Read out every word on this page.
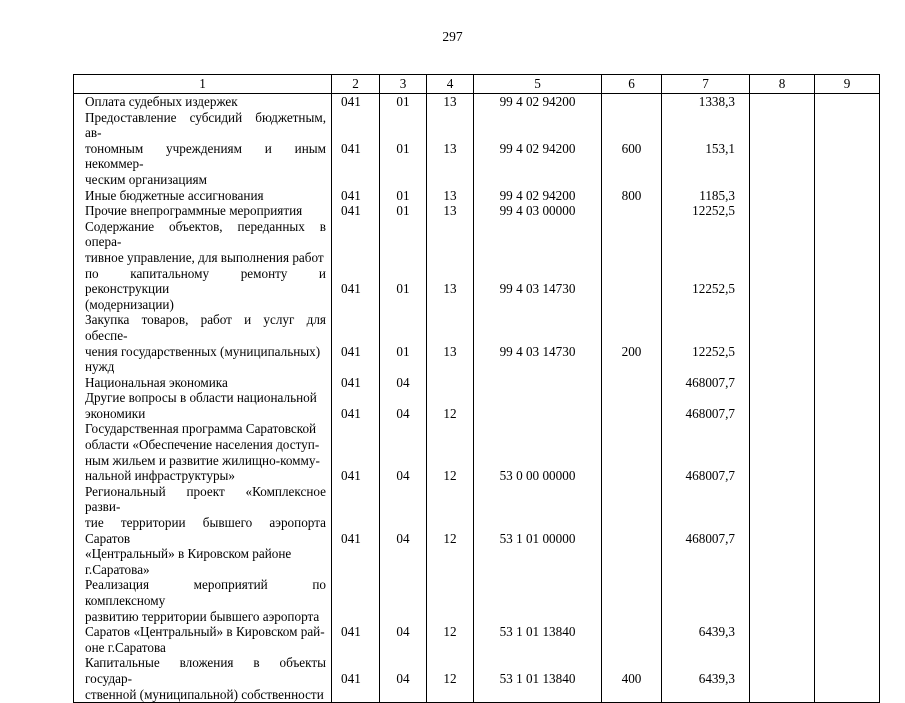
297
1	2	3	4	5	6	7	8	9

Оплата судебных издержек	041	01	13	99 4 02 94200		1338,3		

Предоставление субсидий бюджетным, ав-
тономным учреждениям и иным некоммер-
ческим организациям	041	01	13	99 4 02 94200	600	153,1		

Иные бюджетные ассигнования	041	01	13	99 4 02 94200	800	1185,3		

Прочие внепрограммные мероприятия	041	01	13	99 4 03 00000		12252,5		

Содержание объектов, переданных в опера-
тивное управление, для выполнения работ
по капитальному ремонту и реконструкции
(модернизации)	041	01	13	99 4 03 14730		12252,5		

Закупка товаров, работ и услуг для обеспе-
чения государственных (муниципальных)
нужд	041	01	13	99 4 03 14730	200	12252,5		

Национальная экономика	041	04				468007,7		

Другие вопросы в области национальной
экономики	041	04	12			468007,7		

Государственная программа Саратовской
области «Обеспечение населения доступ-
ным жильем и развитие жилищно-комму-
нальной инфраструктуры»	041	04	12	53 0 00 00000		468007,7		

Региональный проект «Комплексное разви-
тие территории бывшего аэропорта Саратов
«Центральный» в Кировском районе
г.Саратова»	041	04	12	53 1 01 00000		468007,7		

Реализация мероприятий по комплексному
развитию территории бывшего аэропорта
Саратов «Центральный» в Кировском рай-
оне г.Саратова	041	04	12	53 1 01 13840		6439,3		

Капитальные вложения в объекты государ-
ственной (муниципальной) собственности	041	04	12	53 1 01 13840	400	6439,3		
